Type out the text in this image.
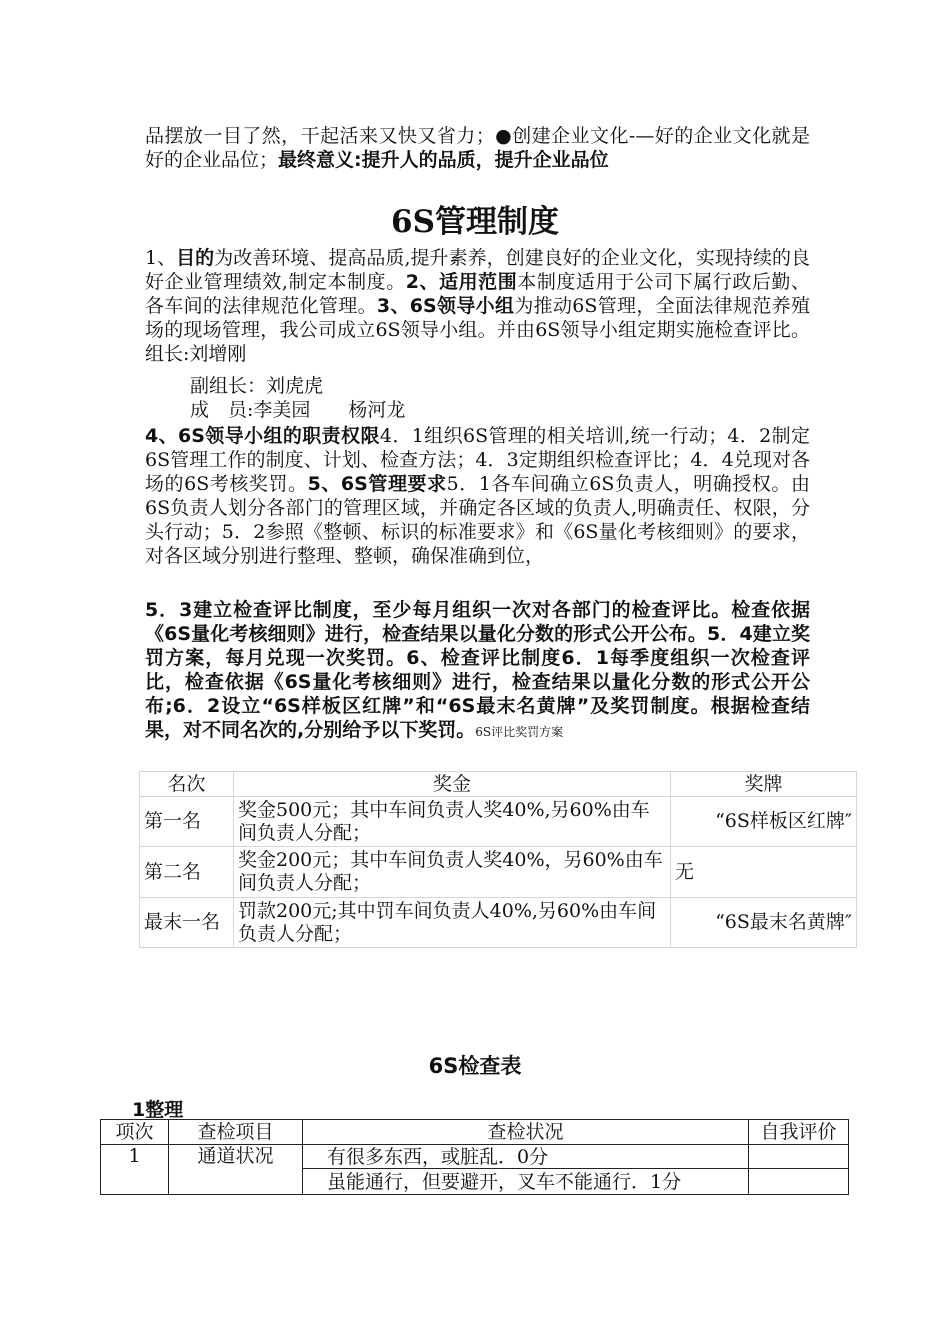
品摆放一目了然，干起活来又快又省力；●创建企业文化-—好的企业文化就是好的企业品位；最终意义:提升人的品质，提升企业品位
6S管理制度
1、目的为改善环境、提高品质,提升素养，创建良好的企业文化，实现持续的良好企业管理绩效,制定本制度。2、适用范围本制度适用于公司下属行政后勤、各车间的法律规范化管理。3、6S领导小组为推动6S管理，全面法律规范养殖场的现场管理，我公司成立6S领导小组。并由6S领导小组定期实施检查评比。组长:刘增刚
副组长：刘虎虎
成　员:李美园　　杨河龙
4、6S领导小组的职责权限4．1组织6S管理的相关培训,统一行动；4．2制定6S管理工作的制度、计划、检查方法；4．3定期组织检查评比；4．4兑现对各场的6S考核奖罚。5、6S管理要求5．1各车间确立6S负责人，明确授权。由6S负责人划分各部门的管理区域，并确定各区域的负责人,明确责任、权限，分头行动；5．2参照《整顿、标识的标准要求》和《6S量化考核细则》的要求，对各区域分别进行整理、整顿，确保准确到位，
5．3建立检查评比制度，至少每月组织一次对各部门的检查评比。检查依据《6S量化考核细则》进行，检查结果以量化分数的形式公开公布。5．4建立奖罚方案，每月兑现一次奖罚。6、检查评比制度6．1每季度组织一次检查评比，检查依据《6S量化考核细则》进行，检查结果以量化分数的形式公开公布;6．2设立“6S样板区红牌”和“6S最末名黄牌”及奖罚制度。根据检查结果，对不同名次的,分别给予以下奖罚。6S评比奖罚方案
名次	奖金	奖牌
第一名	奖金500元；其中车间负责人奖40%,另60%由车间负责人分配；	“6S样板区红牌″
第二名	奖金200元；其中车间负责人奖40%，另60%由车间负责人分配；	无
最末一名	罚款200元;其中罚车间负责人40%,另60%由车间负责人分配；	“6S最末名黄牌″
6S检查表
1整理
项次	查检项目	查检状况	自我评价
1	通道状况	有很多东西，或脏乱．0分	
		虽能通行，但要避开，叉车不能通行．1分	
